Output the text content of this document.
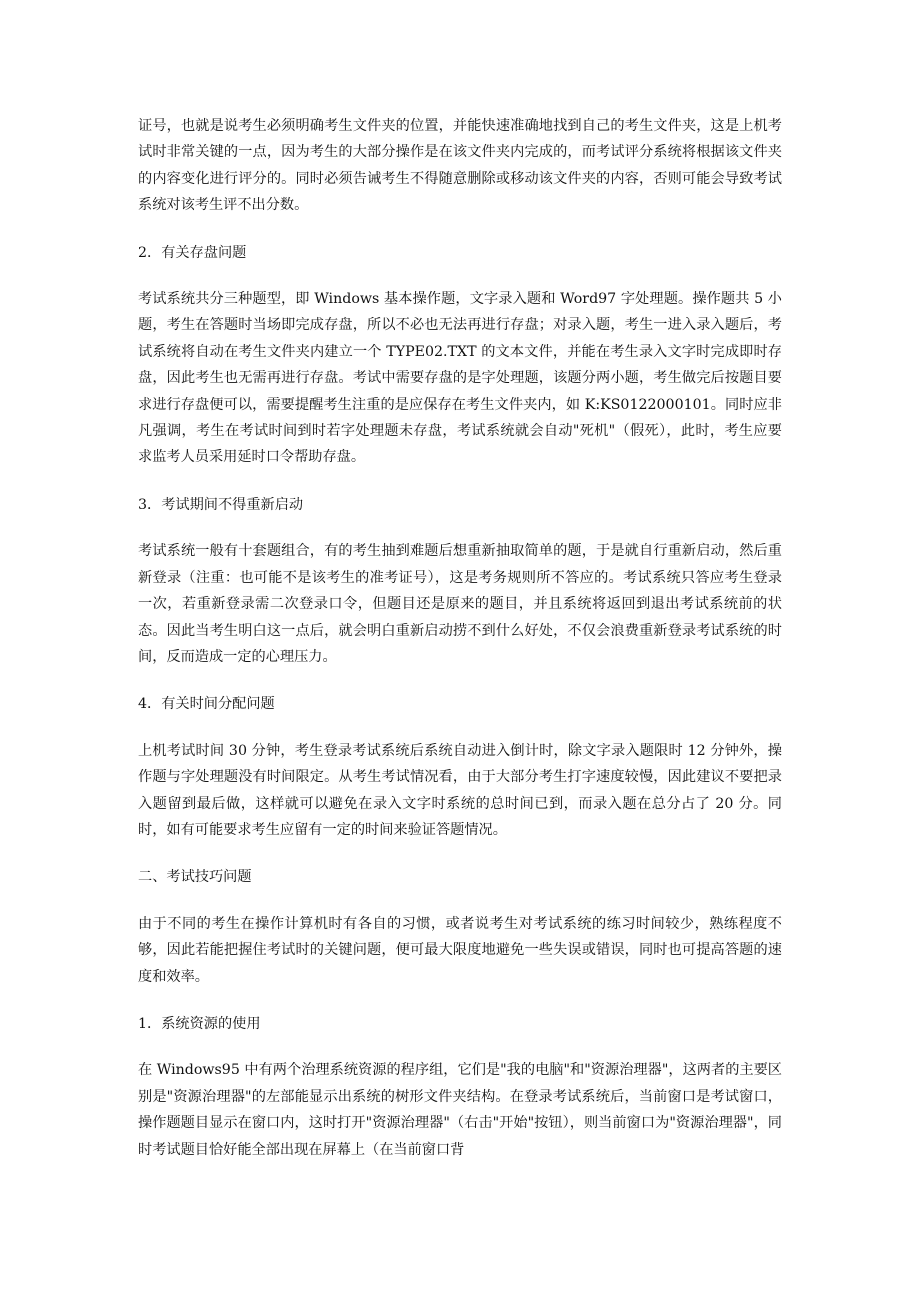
证号，也就是说考生必须明确考生文件夹的位置，并能快速准确地找到自己的考生文件夹，这是上机考试时非常关键的一点，因为考生的大部分操作是在该文件夹内完成的，而考试评分系统将根据该文件夹的内容变化进行评分的。同时必须告诫考生不得随意删除或移动该文件夹的内容，否则可能会导致考试系统对该考生评不出分数。

2．有关存盘问题

考试系统共分三种题型，即 Windows 基本操作题，文字录入题和 Word97 字处理题。操作题共 5 小题，考生在答题时当场即完成存盘，所以不必也无法再进行存盘；对录入题，考生一进入录入题后，考试系统将自动在考生文件夹内建立一个 TYPE02.TXT 的文本文件，并能在考生录入文字时完成即时存盘，因此考生也无需再进行存盘。考试中需要存盘的是字处理题，该题分两小题，考生做完后按题目要求进行存盘便可以，需要提醒考生注重的是应保存在考生文件夹内，如 K:KS0122000101。同时应非凡强调，考生在考试时间到时若字处理题未存盘，考试系统就会自动"死机"（假死），此时，考生应要求监考人员采用延时口令帮助存盘。

3．考试期间不得重新启动

考试系统一般有十套题组合，有的考生抽到难题后想重新抽取简单的题，于是就自行重新启动，然后重新登录（注重：也可能不是该考生的准考证号），这是考务规则所不答应的。考试系统只答应考生登录一次，若重新登录需二次登录口令，但题目还是原来的题目，并且系统将返回到退出考试系统前的状态。因此当考生明白这一点后，就会明白重新启动捞不到什么好处，不仅会浪费重新登录考试系统的时间，反而造成一定的心理压力。

4．有关时间分配问题

上机考试时间 30 分钟，考生登录考试系统后系统自动进入倒计时，除文字录入题限时 12 分钟外，操作题与字处理题没有时间限定。从考生考试情况看，由于大部分考生打字速度较慢，因此建议不要把录入题留到最后做，这样就可以避免在录入文字时系统的总时间已到，而录入题在总分占了 20 分。同时，如有可能要求考生应留有一定的时间来验证答题情况。

二、考试技巧问题

由于不同的考生在操作计算机时有各自的习惯，或者说考生对考试系统的练习时间较少，熟练程度不够，因此若能把握住考试时的关键问题，便可最大限度地避免一些失误或错误，同时也可提高答题的速度和效率。

1．系统资源的使用

在 Windows95 中有两个治理系统资源的程序组，它们是"我的电脑"和"资源治理器"，这两者的主要区别是"资源治理器"的左部能显示出系统的树形文件夹结构。在登录考试系统后，当前窗口是考试窗口，操作题题目显示在窗口内，这时打开"资源治理器"（右击"开始"按钮），则当前窗口为"资源治理器"，同时考试题目恰好能全部出现在屏幕上（在当前窗口背
